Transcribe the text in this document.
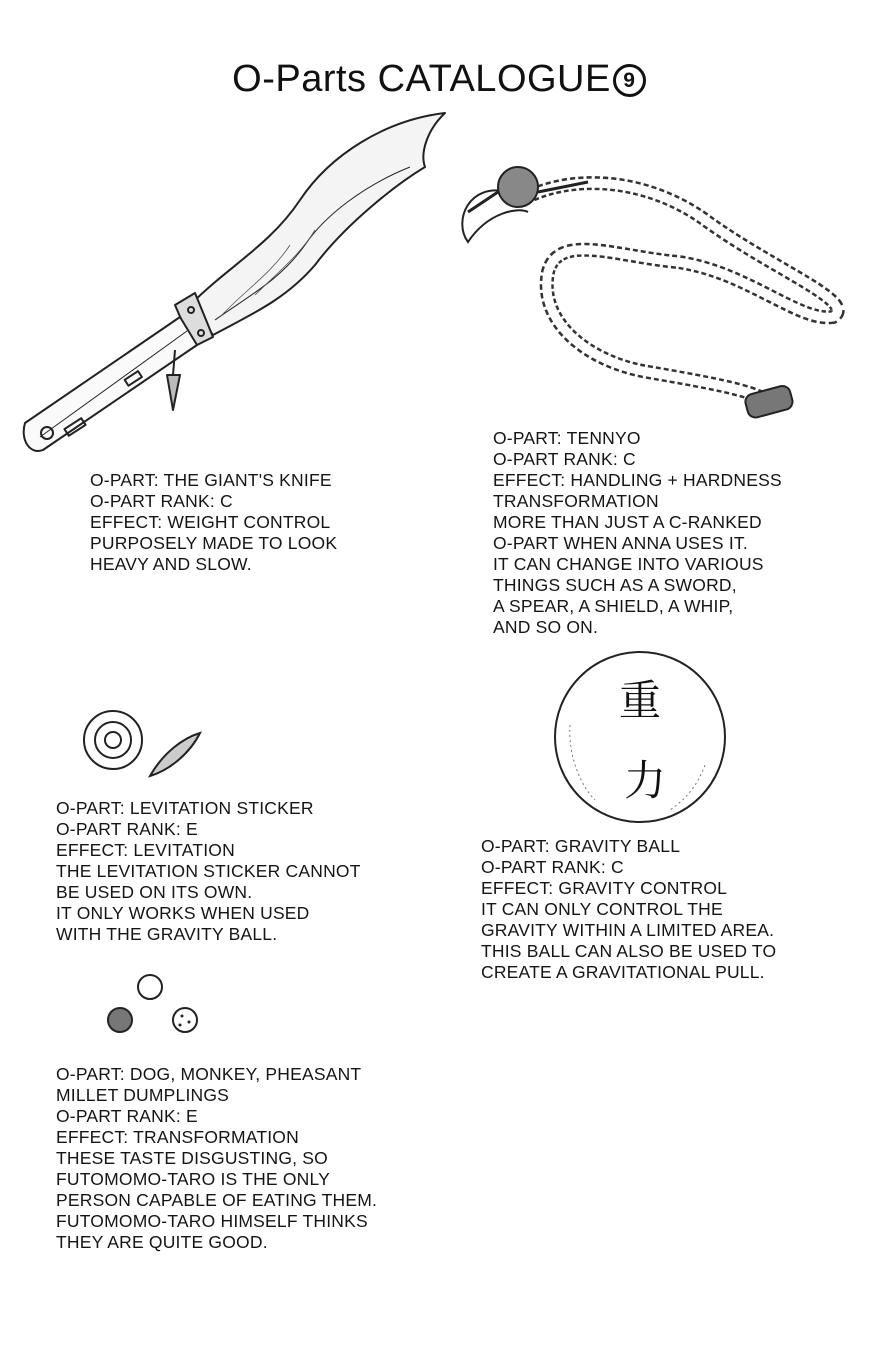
O-Parts CATALOGUE 9
重
力
O-PART: THE GIANT'S KNIFE
O-PART RANK: C
EFFECT: WEIGHT CONTROL
PURPOSELY MADE TO LOOK
HEAVY AND SLOW.
O-PART: TENNYO
O-PART RANK: C
EFFECT: HANDLING + HARDNESS
TRANSFORMATION
MORE THAN JUST A C-RANKED
O-PART WHEN ANNA USES IT.
IT CAN CHANGE INTO VARIOUS
THINGS SUCH AS A SWORD,
A SPEAR, A SHIELD, A WHIP,
AND SO ON.
O-PART: LEVITATION STICKER
O-PART RANK: E
EFFECT: LEVITATION
THE LEVITATION STICKER CANNOT
BE USED ON ITS OWN.
IT ONLY WORKS WHEN USED
WITH THE GRAVITY BALL.
O-PART: GRAVITY BALL
O-PART RANK: C
EFFECT: GRAVITY CONTROL
IT CAN ONLY CONTROL THE
GRAVITY WITHIN A LIMITED AREA.
THIS BALL CAN ALSO BE USED TO
CREATE A GRAVITATIONAL PULL.
O-PART: DOG, MONKEY, PHEASANT
MILLET DUMPLINGS
O-PART RANK: E
EFFECT: TRANSFORMATION
THESE TASTE DISGUSTING, SO
FUTOMOMO-TARO IS THE ONLY
PERSON CAPABLE OF EATING THEM.
FUTOMOMO-TARO HIMSELF THINKS
THEY ARE QUITE GOOD.
